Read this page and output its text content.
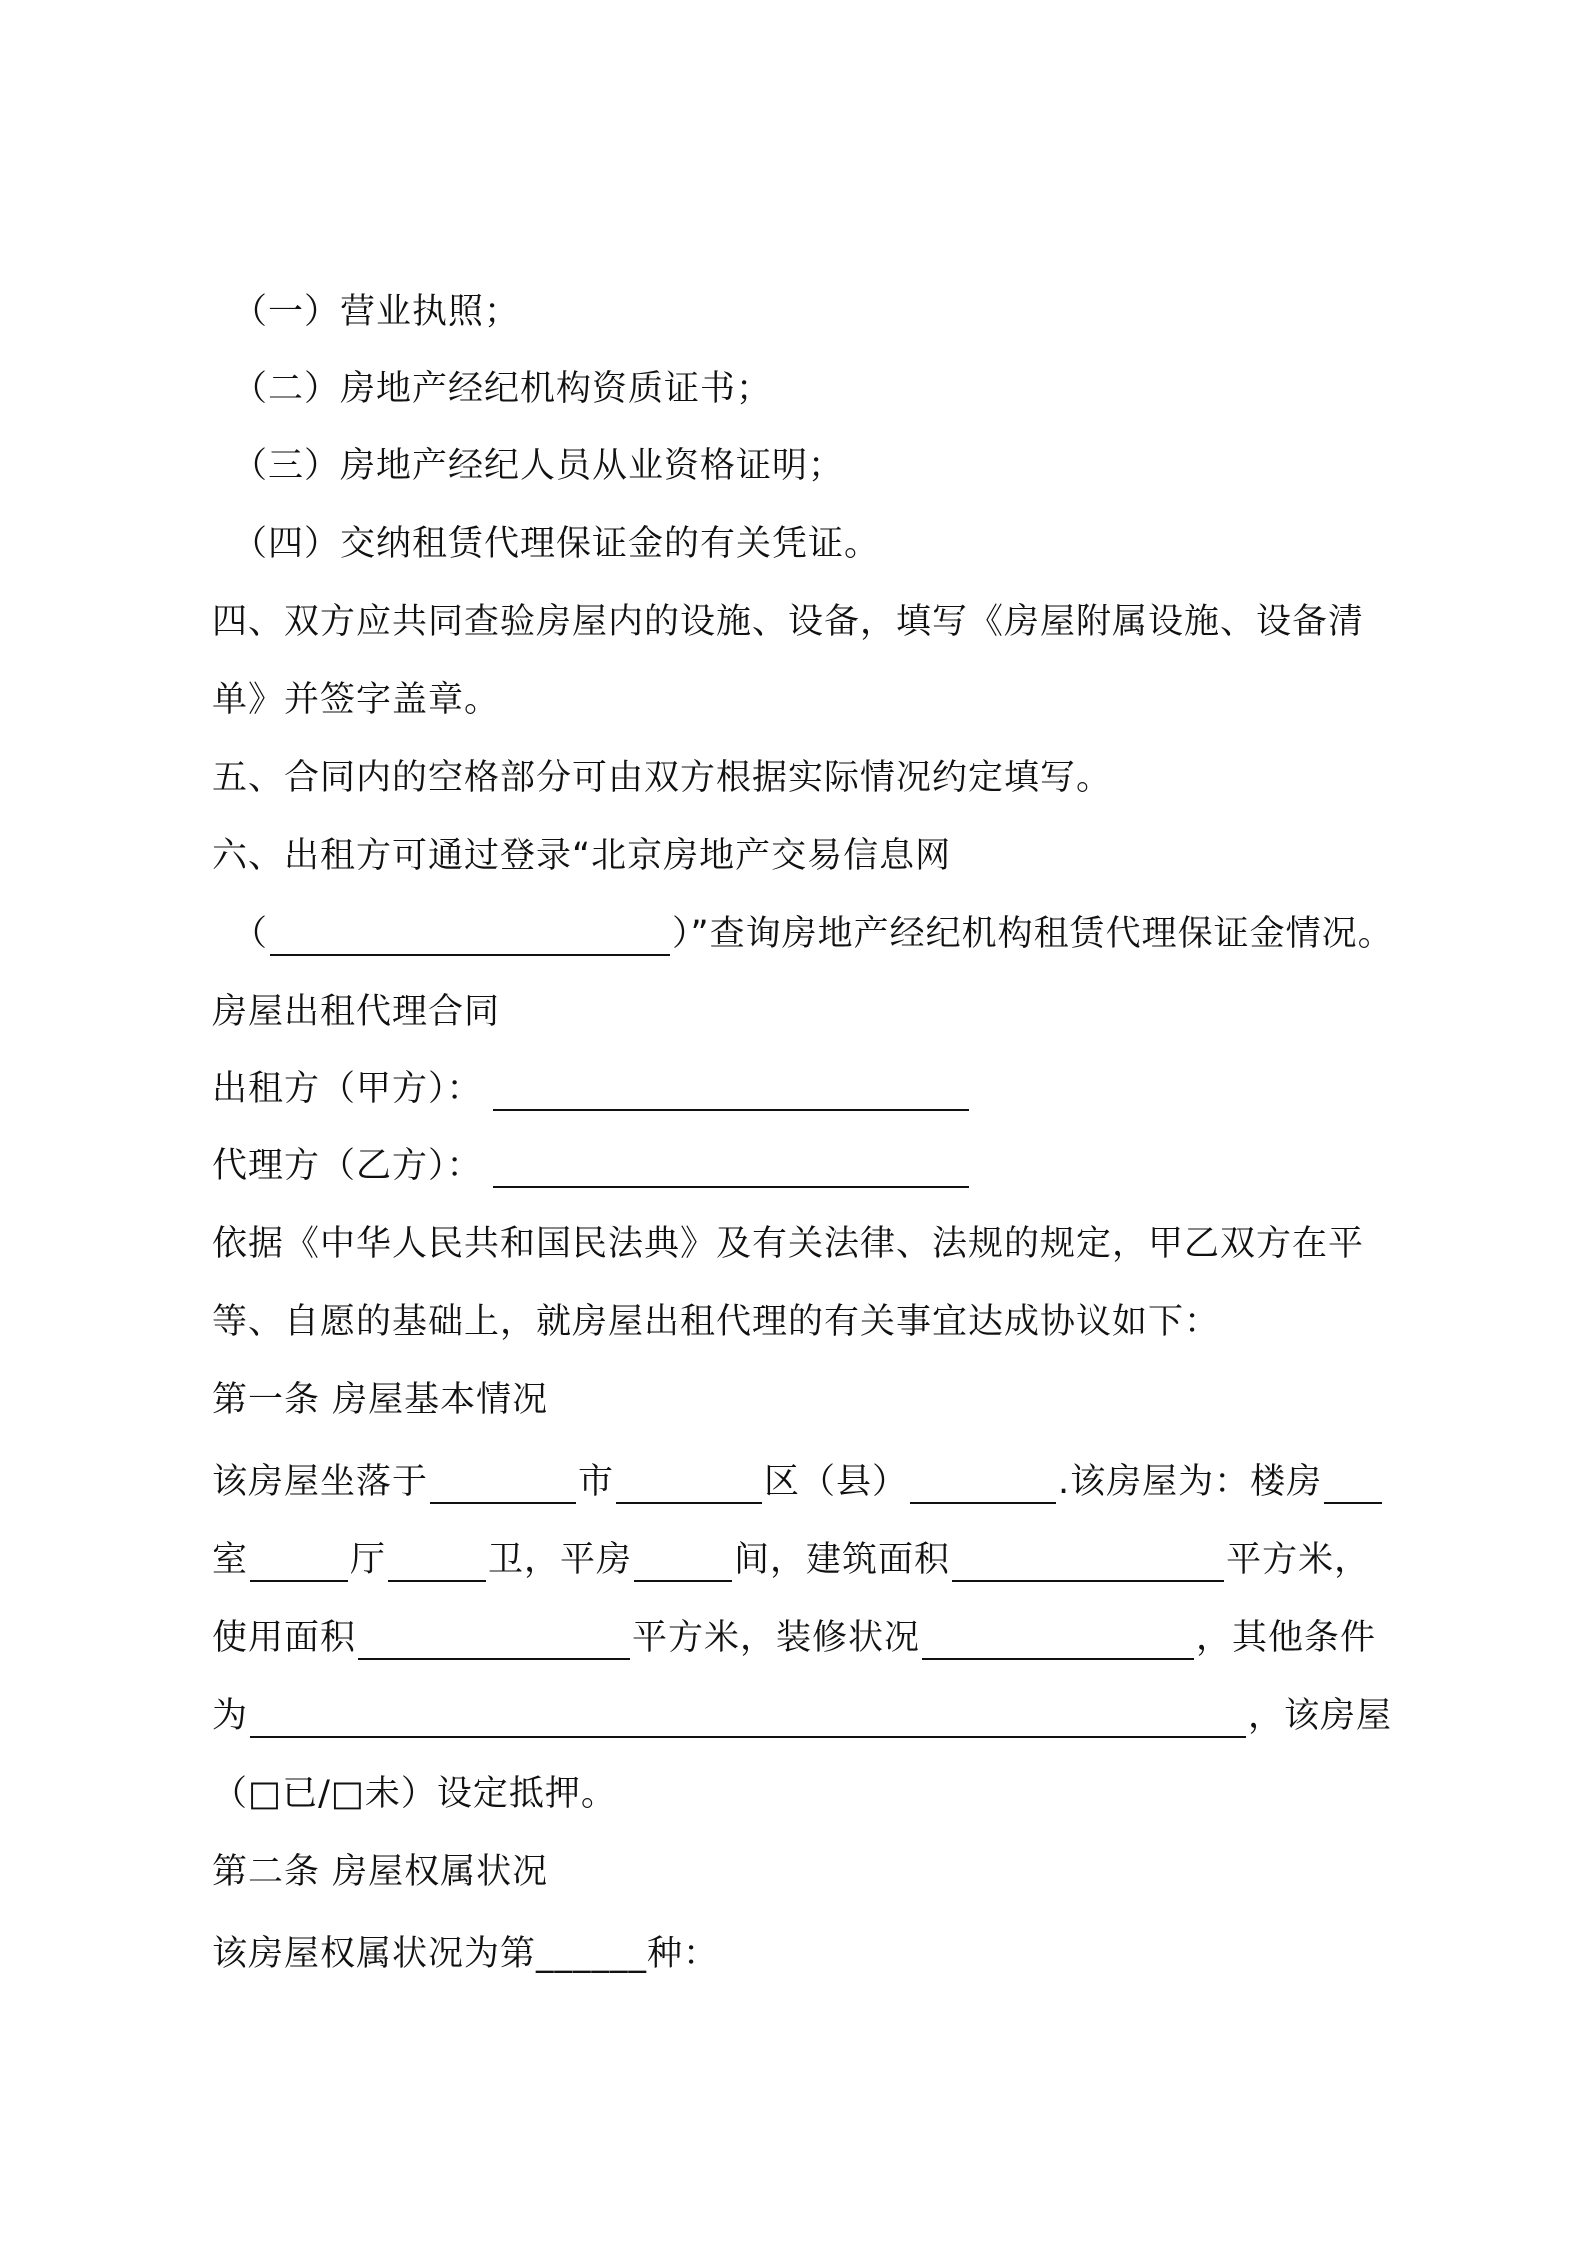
（一）营业执照；
（二）房地产经纪机构资质证书；
（三）房地产经纪人员从业资格证明；
（四）交纳租赁代理保证金的有关凭证。
四、双方应共同查验房屋内的设施、设备，填写《房屋附属设施、设备清
单》并签字盖章。
五、合同内的空格部分可由双方根据实际情况约定填写。
六、出租方可通过登录“北京房地产交易信息网
（	）”查询房地产经纪机构租赁代理保证金情况。
房屋出租代理合同
出租方（甲方）：
代理方（乙方）：
依据《中华人民共和国民法典》及有关法律、法规的规定，甲乙双方在平
等、自愿的基础上，就房屋出租代理的有关事宜达成协议如下：
第一条 房屋基本情况
该房屋坐落于	市	区（县）	.该房屋为：楼房
室	厅	卫，平房	间，建筑面积	平方米，
使用面积	平方米，装修状况	，其他条件
为	，该房屋
（□已/□未）设定抵押。
第二条 房屋权属状况
该房屋权属状况为第______种：
